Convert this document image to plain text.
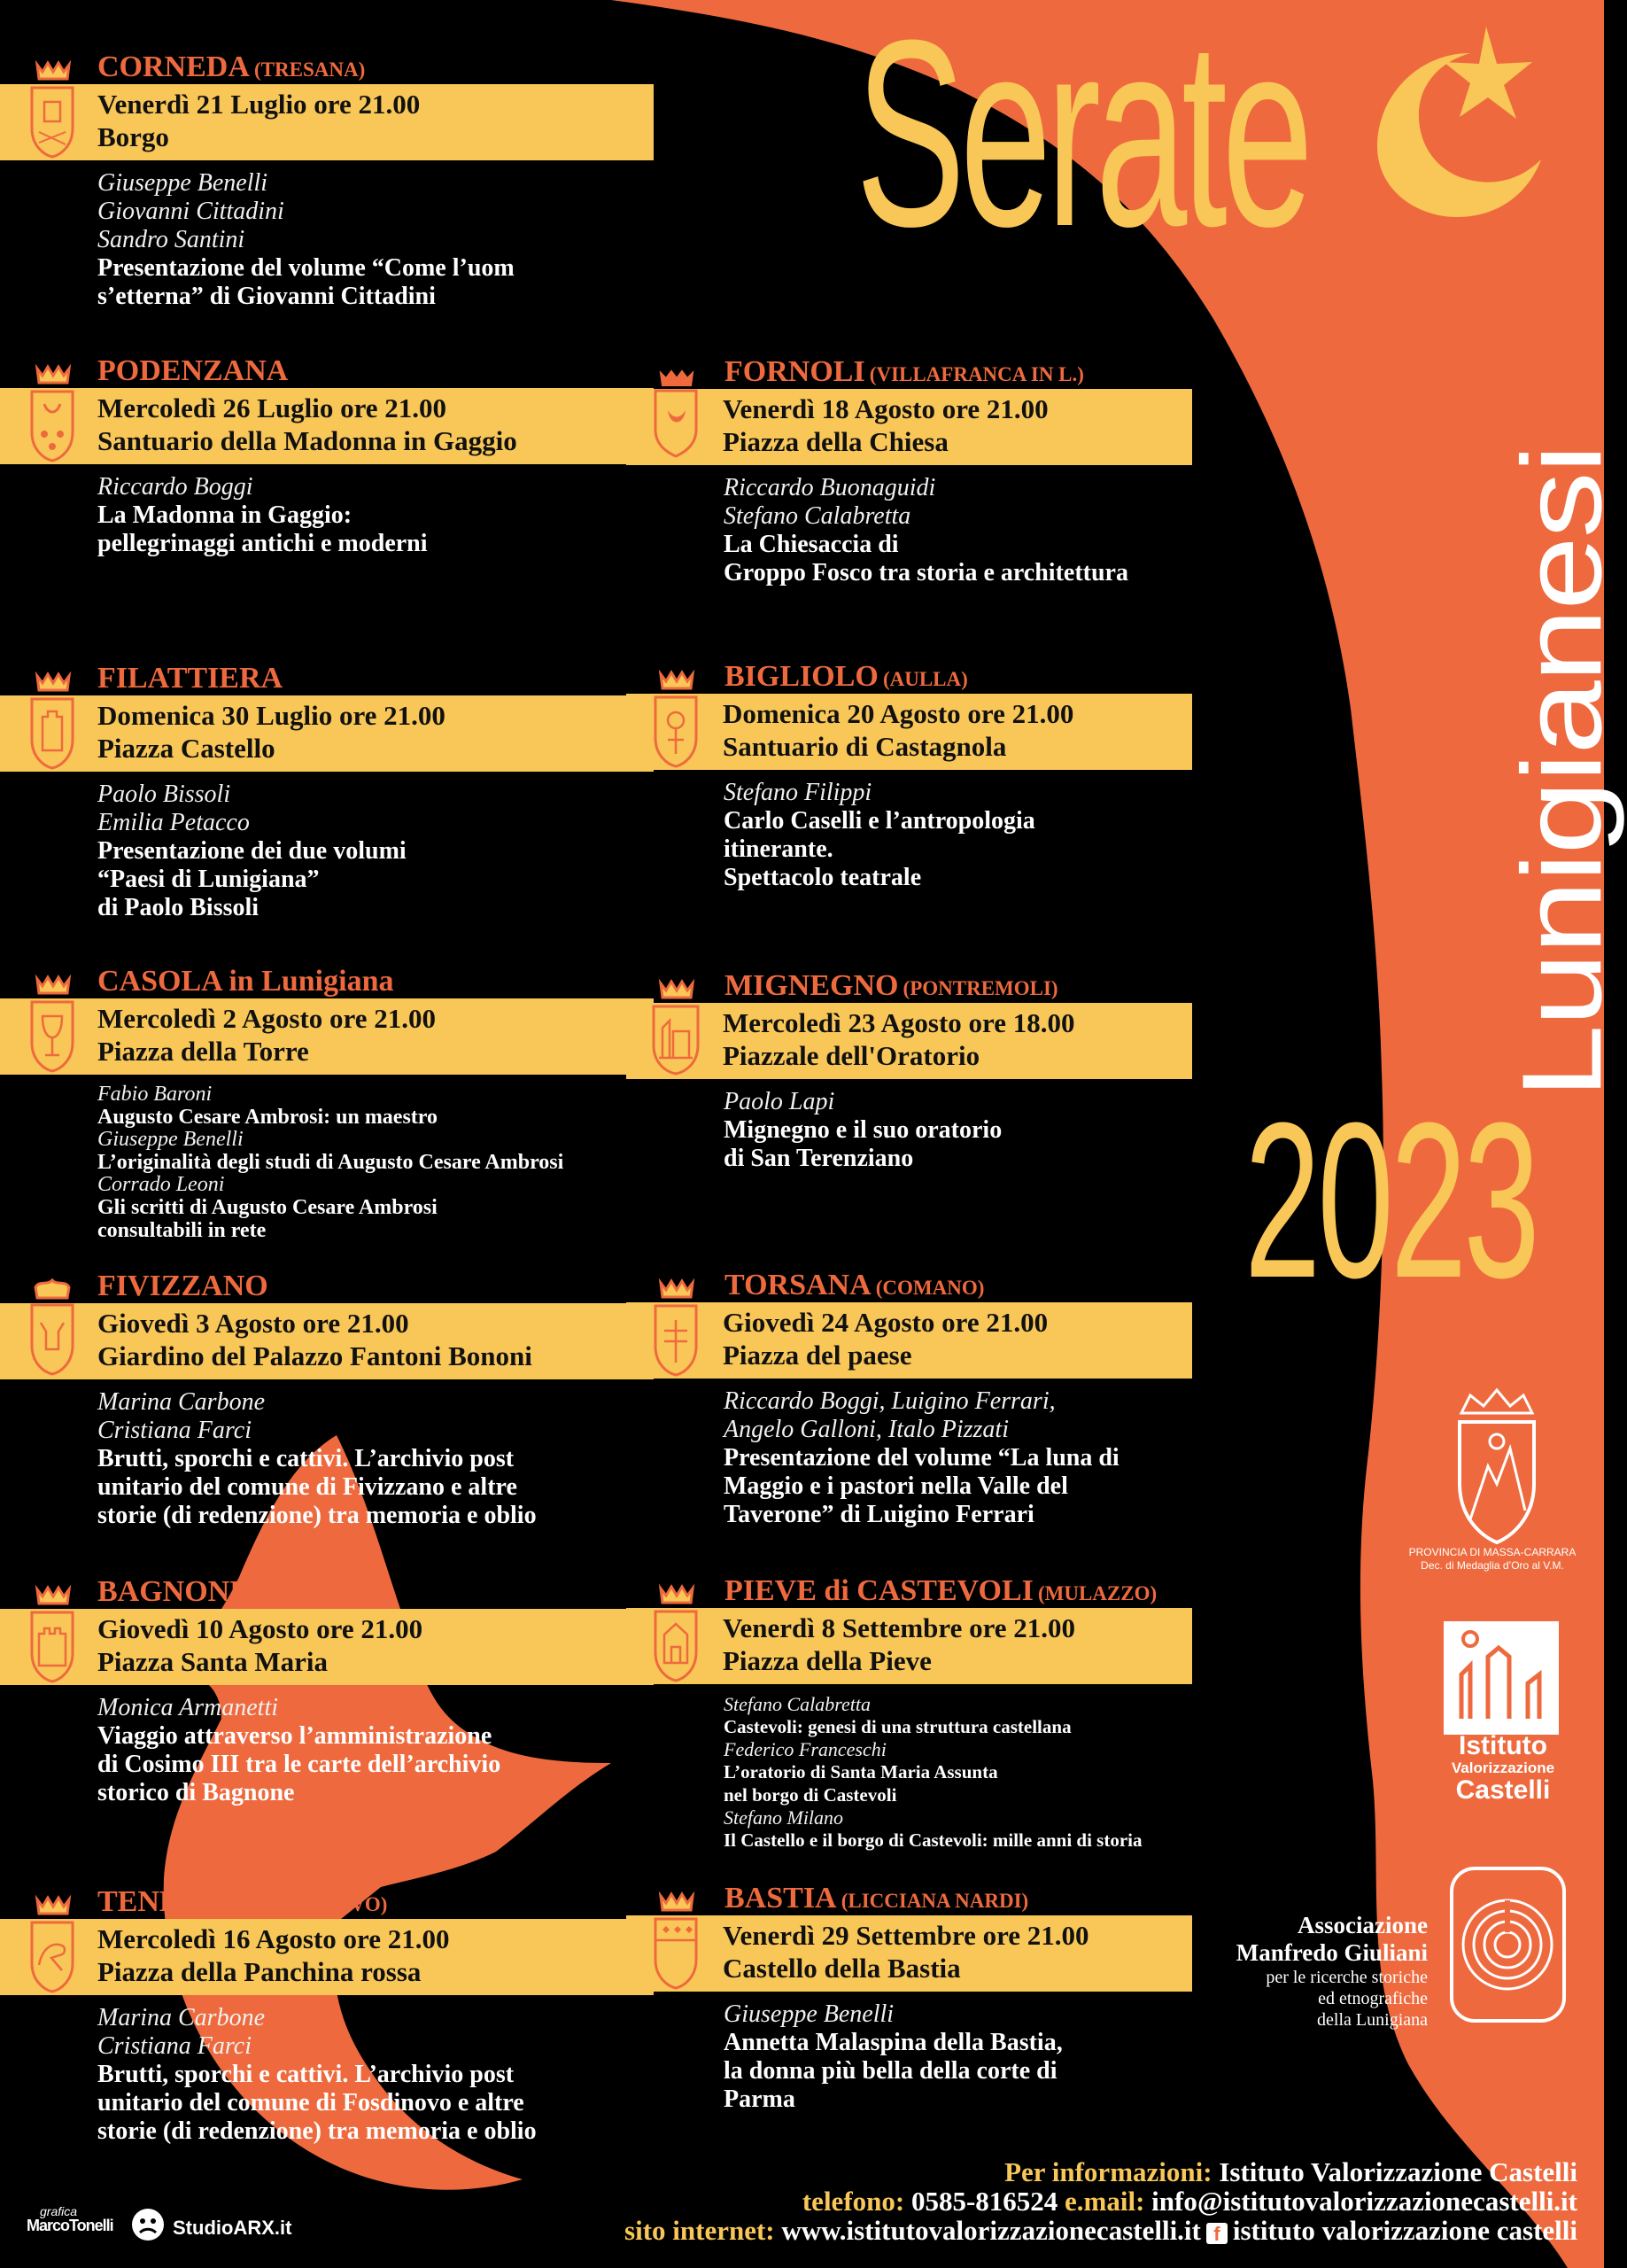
CORNEDA (TRESANA)
Venerdì 21 Luglio ore 21.00
Borgo
Giuseppe Benelli
Giovanni Cittadini
Sandro Santini
Presentazione del volume “Come l’uom
s’etterna” di Giovanni Cittadini
PODENZANA
Mercoledì 26 Luglio ore 21.00
Santuario della Madonna in Gaggio
Riccardo Boggi
La Madonna in Gaggio:
pellegrinaggi antichi e moderni
FORNOLI (VILLAFRANCA IN L.)
Venerdì 18 Agosto ore 21.00
Piazza della Chiesa
Riccardo Buonaguidi
Stefano Calabretta
La Chiesaccia di
Groppo Fosco tra storia e architettura
FILATTIERA
Domenica 30 Luglio ore 21.00
Piazza Castello
Paolo Bissoli
Emilia Petacco
Presentazione dei due volumi
“Paesi di Lunigiana”
di Paolo Bissoli
BIGLIOLO (AULLA)
Domenica 20 Agosto ore 21.00
Santuario di Castagnola
Stefano Filippi
Carlo Caselli e l’antropologia
itinerante.
Spettacolo teatrale
CASOLA in Lunigiana
Mercoledì 2 Agosto ore 21.00
Piazza della Torre
Fabio Baroni
Augusto Cesare Ambrosi: un maestro
Giuseppe Benelli
L’originalità degli studi di Augusto Cesare Ambrosi
Corrado Leoni
Gli scritti di Augusto Cesare Ambrosi
consultabili in rete
MIGNEGNO (PONTREMOLI)
Mercoledì 23 Agosto ore 18.00
Piazzale dell'Oratorio
Paolo Lapi
Mignegno e il suo oratorio
di San Terenziano
FIVIZZANO
Giovedì 3 Agosto ore 21.00
Giardino del Palazzo Fantoni Bononi
Marina Carbone
Cristiana Farci
Brutti, sporchi e cattivi. L’archivio post
unitario del comune di Fivizzano e altre
storie (di redenzione) tra memoria e oblio
TORSANA (COMANO)
Giovedì 24 Agosto ore 21.00
Piazza del paese
Riccardo Boggi, Luigino Ferrari,
Angelo Galloni, Italo Pizzati
Presentazione del volume “La luna di
Maggio e i pastori nella Valle del
Taverone” di Luigino Ferrari
BAGNONE
Giovedì 10 Agosto ore 21.00
Piazza Santa Maria
Monica Armanetti
Viaggio attraverso l’amministrazione
di Cosimo III tra le carte dell’archivio
storico di Bagnone
PIEVE di CASTEVOLI (MULAZZO)
Venerdì 8 Settembre ore 21.00
Piazza della Pieve
Stefano Calabretta
Castevoli: genesi di una struttura castellana
Federico Franceschi
L’oratorio di Santa Maria Assunta
nel borgo di Castevoli
Stefano Milano
Il Castello e il borgo di Castevoli: mille anni di storia
TENDOLA (FOSDINOVO)
Mercoledì 16 Agosto ore 21.00
Piazza della Panchina rossa
Marina Carbone
Cristiana Farci
Brutti, sporchi e cattivi. L’archivio post
unitario del comune di Fosdinovo e altre
storie (di redenzione) tra memoria e oblio
BASTIA (LICCIANA NARDI)
Venerdì 29 Settembre ore 21.00
Castello della Bastia
Giuseppe Benelli
Annetta Malaspina della Bastia,
la donna più bella della corte di
Parma
Serate
Lunigianesi
2023
PROVINCIA DI MASSA-CARRARA
Dec. di Medaglia d’Oro al V.M.
Istituto
Valorizzazione
Castelli
Associazione
Manfredo Giuliani
per le ricerche storiche
ed etnografiche
della Lunigiana
Per informazioni: Istituto Valorizzazione Castelli
telefono: 0585-816524 e.mail: info@istitutovalorizzazionecastelli.it
sito internet: www.istitutovalorizzazionecastelli.it f istituto valorizzazione castelli
grafica
MarcoTonelli	StudioARX.it
